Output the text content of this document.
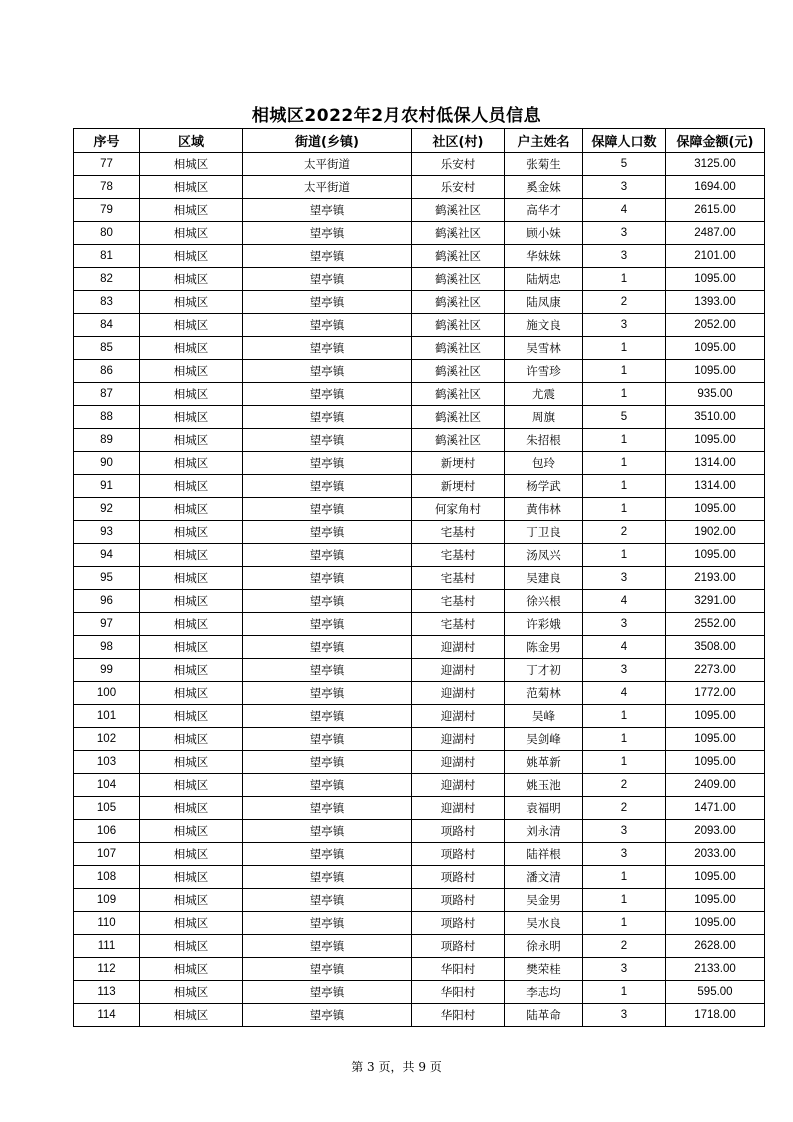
相城区2022年2月农村低保人员信息
序号	区域	街道(乡镇)	社区(村)	户主姓名	保障人口数	保障金额(元)
77	相城区	太平街道	乐安村	张菊生	5	3125.00
78	相城区	太平街道	乐安村	奚金妹	3	1694.00
79	相城区	望亭镇	鹤溪社区	高华才	4	2615.00
80	相城区	望亭镇	鹤溪社区	顾小妹	3	2487.00
81	相城区	望亭镇	鹤溪社区	华妹妹	3	2101.00
82	相城区	望亭镇	鹤溪社区	陆炳忠	1	1095.00
83	相城区	望亭镇	鹤溪社区	陆凤康	2	1393.00
84	相城区	望亭镇	鹤溪社区	施文良	3	2052.00
85	相城区	望亭镇	鹤溪社区	吴雪林	1	1095.00
86	相城区	望亭镇	鹤溪社区	许雪珍	1	1095.00
87	相城区	望亭镇	鹤溪社区	尤震	1	935.00
88	相城区	望亭镇	鹤溪社区	周旗	5	3510.00
89	相城区	望亭镇	鹤溪社区	朱招根	1	1095.00
90	相城区	望亭镇	新埂村	包玲	1	1314.00
91	相城区	望亭镇	新埂村	杨学武	1	1314.00
92	相城区	望亭镇	何家角村	黄伟林	1	1095.00
93	相城区	望亭镇	宅基村	丁卫良	2	1902.00
94	相城区	望亭镇	宅基村	汤凤兴	1	1095.00
95	相城区	望亭镇	宅基村	吴建良	3	2193.00
96	相城区	望亭镇	宅基村	徐兴根	4	3291.00
97	相城区	望亭镇	宅基村	许彩娥	3	2552.00
98	相城区	望亭镇	迎湖村	陈金男	4	3508.00
99	相城区	望亭镇	迎湖村	丁才初	3	2273.00
100	相城区	望亭镇	迎湖村	范菊林	4	1772.00
101	相城区	望亭镇	迎湖村	吴峰	1	1095.00
102	相城区	望亭镇	迎湖村	吴剑峰	1	1095.00
103	相城区	望亭镇	迎湖村	姚革新	1	1095.00
104	相城区	望亭镇	迎湖村	姚玉池	2	2409.00
105	相城区	望亭镇	迎湖村	袁福明	2	1471.00
106	相城区	望亭镇	项路村	刘永清	3	2093.00
107	相城区	望亭镇	项路村	陆祥根	3	2033.00
108	相城区	望亭镇	项路村	潘文清	1	1095.00
109	相城区	望亭镇	项路村	吴金男	1	1095.00
110	相城区	望亭镇	项路村	吴水良	1	1095.00
111	相城区	望亭镇	项路村	徐永明	2	2628.00
112	相城区	望亭镇	华阳村	樊荣桂	3	2133.00
113	相城区	望亭镇	华阳村	李志均	1	595.00
114	相城区	望亭镇	华阳村	陆革命	3	1718.00
第 3 页，共 9 页
